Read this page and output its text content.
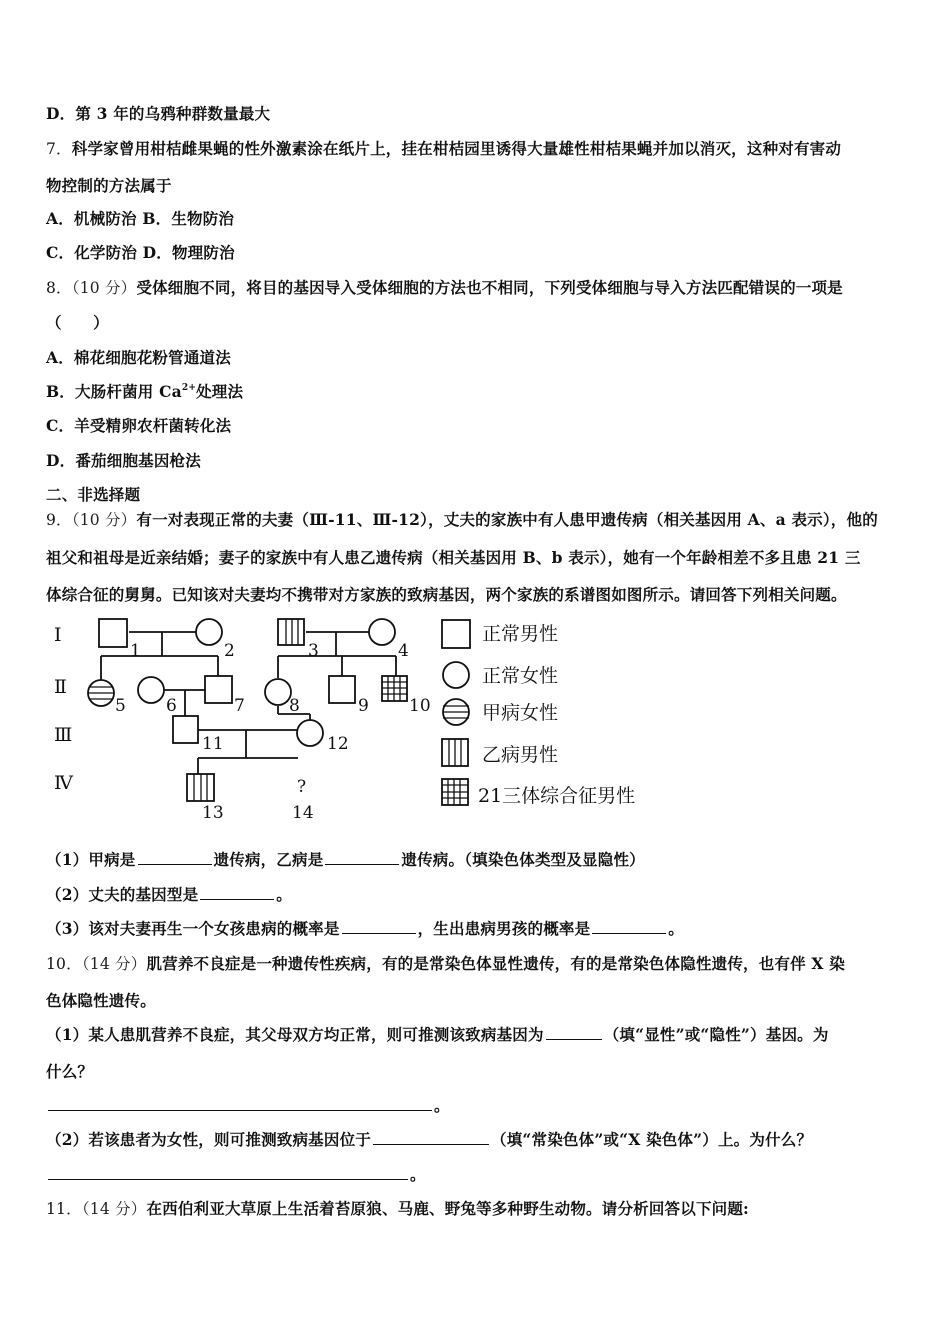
D．第 3 年的乌鸦种群数量最大
7．科学家曾用柑桔雌果蝇的性外激素涂在纸片上，挂在柑桔园里诱得大量雄性柑桔果蝇并加以消灭，这种对有害动
物控制的方法属于
A．机械防治 B．生物防治
C．化学防治 D．物理防治
8．（10 分）受体细胞不同，将目的基因导入受体细胞的方法也不相同，下列受体细胞与导入方法匹配错误的一项是
（　　）
A．棉花细胞花粉管通道法
B．大肠杆菌用 $Ca^{2+}$处理法
C．羊受精卵农杆菌转化法
D．番茄细胞基因枪法
二、非选择题
9．（10 分）有一对表现正常的夫妻（Ⅲ-11、Ⅲ-12），丈夫的家族中有人患甲遗传病（相关基因用 A、a 表示），他的
祖父和祖母是近亲结婚；妻子的家族中有人患乙遗传病（相关基因用 B、b 表示），她有一个年龄相差不多且患 21 三
体综合征的舅舅。已知该对夫妻均不携带对方家族的致病基因，两个家族的系谱图如图所示。请回答下列相关问题。
Ⅰ
Ⅱ
Ⅲ
Ⅳ
1	2	3	4
5 6	7	8	9 10
11	12
13	14
?
正常男性
正常女性
甲病女性
乙病男性
21三体综合征男性
（1）甲病是	遗传病，乙病是	遗传病。（填染色体类型及显隐性）
（2）丈夫的基因型是	。
（3）该对夫妻再生一个女孩患病的概率是	，生出患病男孩的概率是	。
10．（14 分）肌营养不良症是一种遗传性疾病，有的是常染色体显性遗传，有的是常染色体隐性遗传，也有伴 X 染
色体隐性遗传。
（1）某人患肌营养不良症，其父母双方均正常，则可推测该致病基因为	（填“显性”或“隐性”）基因。为
什么？
。
（2）若该患者为女性，则可推测致病基因位于	（填“常染色体”或“X 染色体”）上。为什么？
。
11．（14 分）在西伯利亚大草原上生活着苔原狼、马鹿、野兔等多种野生动物。请分析回答以下问题:
